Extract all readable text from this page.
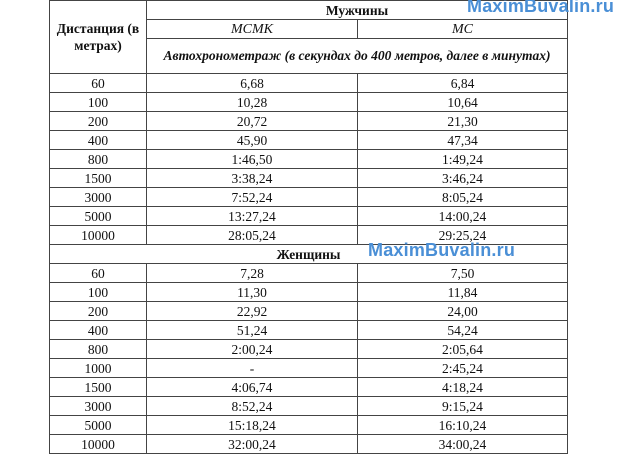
Дистанция (в метрах)	Мужчины MaximBuvalin.ru	

	МСМК	МС
	Автохронометраж (в секундах до 400 метров, далее в минутах)	
60	6,68	6,84
100	10,28	10,64
200	20,72	21,30
400	45,90	47,34
800	1:46,50	1:49,24
1500	3:38,24	3:46,24
3000	7:52,24	8:05,24
5000	13:27,24	14:00,24
10000	28:05,24	29:25,24
Женщины MaximBuvalin.ru		

60	7,28	7,50
100	11,30	11,84
200	22,92	24,00
400	51,24	54,24
800	2:00,24	2:05,64
1000	-	2:45,24
1500	4:06,74	4:18,24
3000	8:52,24	9:15,24
5000	15:18,24	16:10,24
10000	32:00,24	34:00,24
